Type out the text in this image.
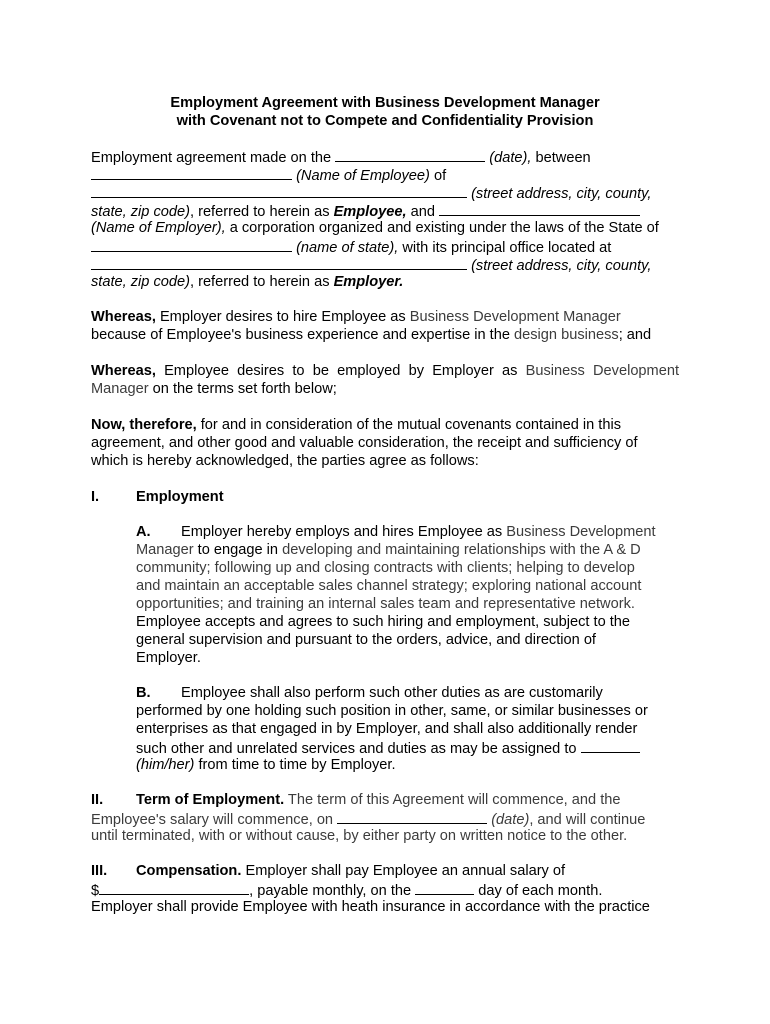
Employment Agreement with Business Development Manager
with Covenant not to Compete and Confidentiality Provision
Employment agreement made on the	(date), between
(Name of Employee) of
(street address, city, county,
state, zip code), referred to herein as Employee, and
(Name of Employer), a corporation organized and existing under the laws of the State of
(name of state), with its principal office located at
(street address, city, county,
state, zip code), referred to herein as Employer.
Whereas, Employer desires to hire Employee as Business Development Manager
because of Employee's business experience and expertise in the design business; and
Whereas, Employee desires to be employed by Employer as Business Development
Manager on the terms set forth below;
Now, therefore, for and in consideration of the mutual covenants contained in this
agreement, and other good and valuable consideration, the receipt and sufficiency of
which is hereby acknowledged, the parties agree as follows:
I.	Employment
A. Employer hereby employs and hires Employee as Business Development
Manager to engage in developing and maintaining relationships with the A & D
community; following up and closing contracts with clients; helping to develop
and maintain an acceptable sales channel strategy; exploring national account
opportunities; and training an internal sales team and representative network.
Employee accepts and agrees to such hiring and employment, subject to the
general supervision and pursuant to the orders, advice, and direction of
Employer.
B. Employee shall also perform such other duties as are customarily
performed by one holding such position in other, same, or similar businesses or
enterprises as that engaged in by Employer, and shall also additionally render
such other and unrelated services and duties as may be assigned to
(him/her) from time to time by Employer.
II. Term of Employment. The term of this Agreement will commence, and the
Employee's salary will commence, on	(date), and will continue
until terminated, with or without cause, by either party on written notice to the other.
III. Compensation. Employer shall pay Employee an annual salary of
$	, payable monthly, on the	day of each month.
Employer shall provide Employee with heath insurance in accordance with the practice
